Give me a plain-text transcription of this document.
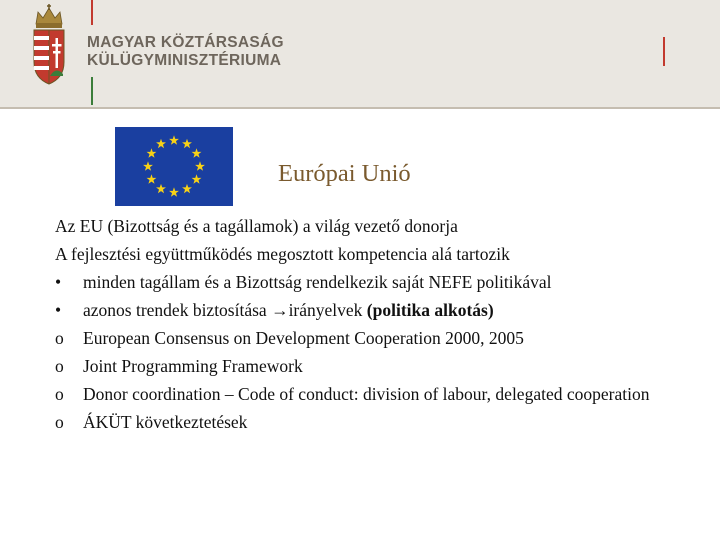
MAGYAR KÖZTÁRSASÁG
KÜLÜGYMINISZTÉRIUMA
Európai Unió
Az EU (Bizottság és a tagállamok) a világ vezető donorja
A fejlesztési együttműködés megosztott kompetencia alá tartozik
•	minden tagállam és a Bizottság rendelkezik saját NEFE politikával
•	azonos trendek biztosítása →irányelvek (politika alkotás)
o	European Consensus on Development Cooperation 2000, 2005
o	Joint Programming Framework
o	Donor coordination – Code of conduct: division of labour, delegated cooperation
o	ÁKÜT következtetések
